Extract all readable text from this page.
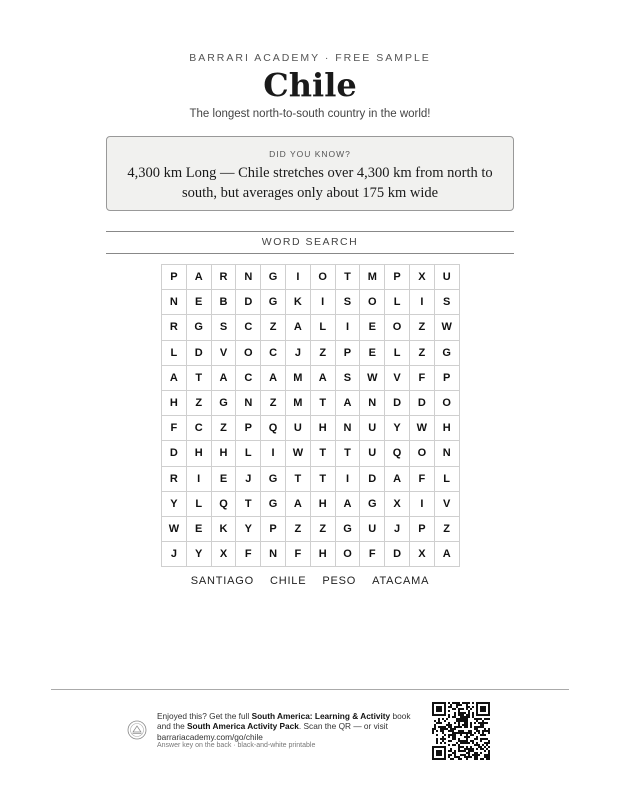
BARRARI ACADEMY · FREE SAMPLE
Chile
The longest north-to-south country in the world!
DID YOU KNOW?
4,300 km Long — Chile stretches over 4,300 km from north to south, but averages only about 175 km wide
WORD SEARCH
P	A	R	N	G	I	O	T	M	P	X	U
N	E	B	D	G	K	I	S	O	L	I	S
R	G	S	C	Z	A	L	I	E	O	Z	W
L	D	V	O	C	J	Z	P	E	L	Z	G
A	T	A	C	A	M	A	S	W	V	F	P
H	Z	G	N	Z	M	T	A	N	D	D	O
F	C	Z	P	Q	U	H	N	U	Y	W	H
D	H	H	L	I	W	T	T	U	Q	O	N
R	I	E	J	G	T	T	I	D	A	F	L
Y	L	Q	T	G	A	H	A	G	X	I	V
W	E	K	Y	P	Z	Z	G	U	J	P	Z
J	Y	X	F	N	F	H	O	F	D	X	A
SANTIAGO CHILE PESO ATACAMA
Enjoyed this? Get the full South America: Learning & Activity book and the South America Activity Pack. Scan the QR — or visit barrariacademy.com/go/chile
Answer key on the back · black-and-white printable
